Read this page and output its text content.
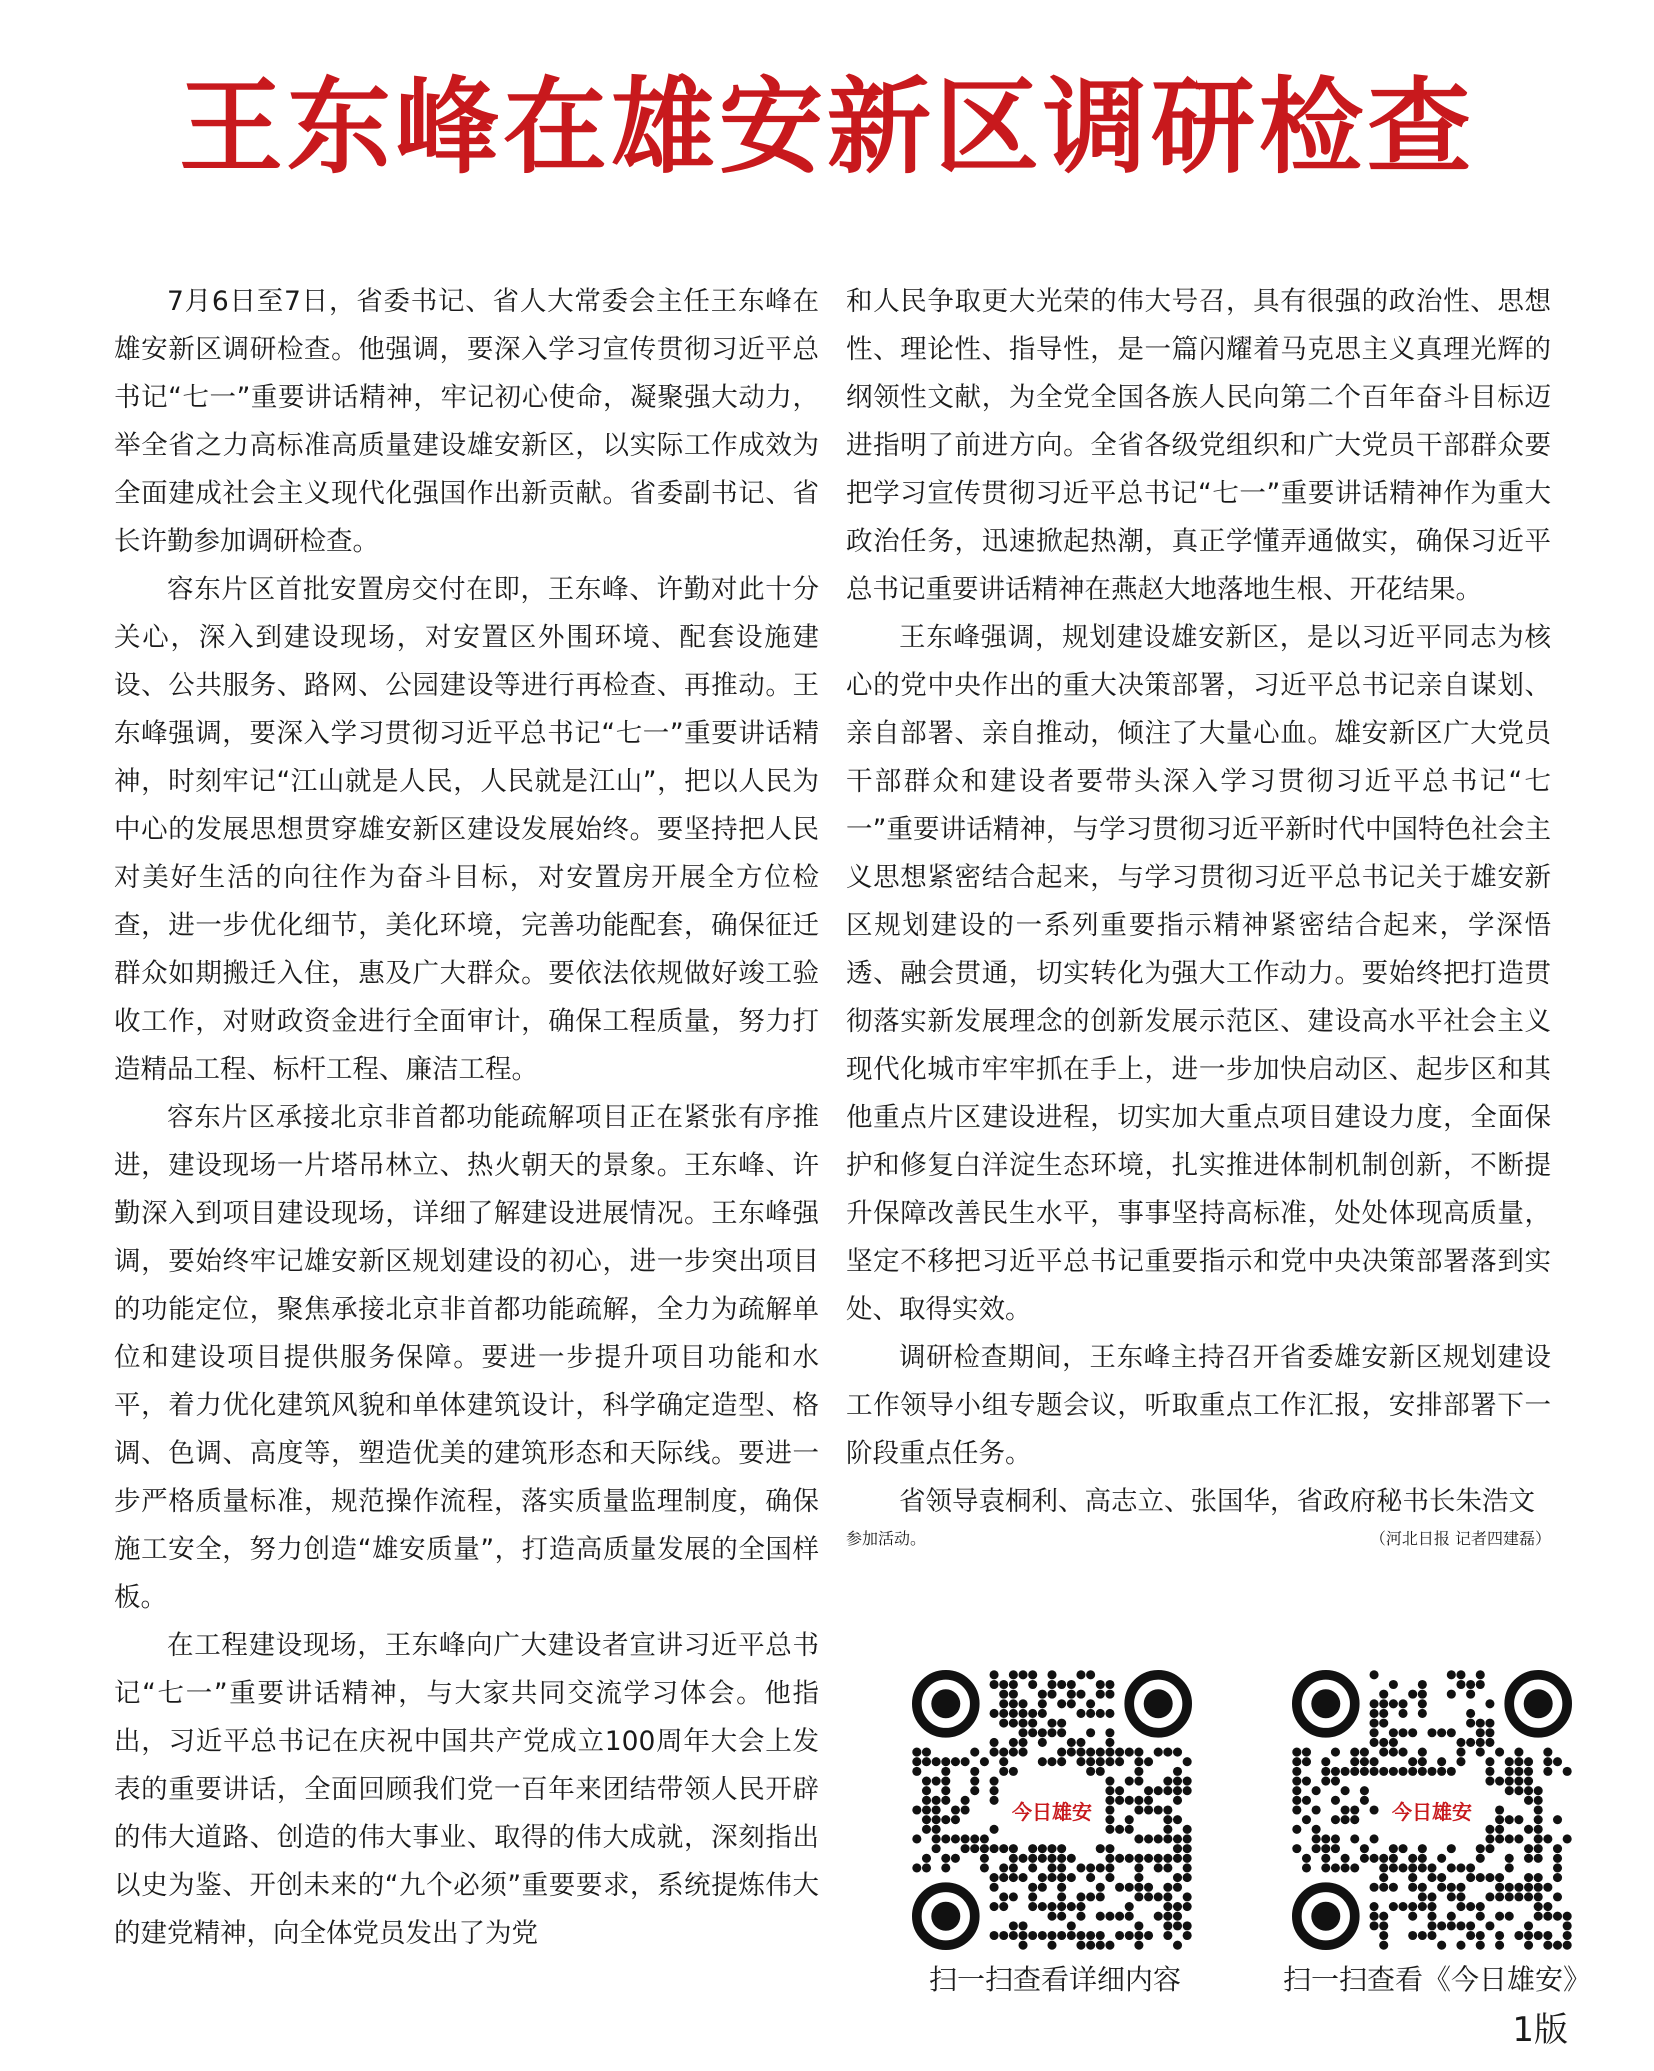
王东峰在雄安新区调研检查

7月6日至7日，省委书记、省人大常委会主任王东峰在雄安新区调研检查。他强调，要深入学习宣传贯彻习近平总书记“七一”重要讲话精神，牢记初心使命，凝聚强大动力，举全省之力高标准高质量建设雄安新区，以实际工作成效为全面建成社会主义现代化强国作出新贡献。省委副书记、省长许勤参加调研检查。

容东片区首批安置房交付在即，王东峰、许勤对此十分关心，深入到建设现场，对安置区外围环境、配套设施建设、公共服务、路网、公园建设等进行再检查、再推动。王东峰强调，要深入学习贯彻习近平总书记“七一”重要讲话精神，时刻牢记“江山就是人民，人民就是江山”，把以人民为中心的发展思想贯穿雄安新区建设发展始终。要坚持把人民对美好生活的向往作为奋斗目标，对安置房开展全方位检查，进一步优化细节，美化环境，完善功能配套，确保征迁群众如期搬迁入住，惠及广大群众。要依法依规做好竣工验收工作，对财政资金进行全面审计，确保工程质量，努力打造精品工程、标杆工程、廉洁工程。

容东片区承接北京非首都功能疏解项目正在紧张有序推进，建设现场一片塔吊林立、热火朝天的景象。王东峰、许勤深入到项目建设现场，详细了解建设进展情况。王东峰强调，要始终牢记雄安新区规划建设的初心，进一步突出项目的功能定位，聚焦承接北京非首都功能疏解，全力为疏解单位和建设项目提供服务保障。要进一步提升项目功能和水平，着力优化建筑风貌和单体建筑设计，科学确定造型、格调、色调、高度等，塑造优美的建筑形态和天际线。要进一步严格质量标准，规范操作流程，落实质量监理制度，确保施工安全，努力创造“雄安质量”，打造高质量发展的全国样板。

在工程建设现场，王东峰向广大建设者宣讲习近平总书记“七一”重要讲话精神，与大家共同交流学习体会。他指出，习近平总书记在庆祝中国共产党成立100周年大会上发表的重要讲话，全面回顾我们党一百年来团结带领人民开辟的伟大道路、创造的伟大事业、取得的伟大成就，深刻指出以史为鉴、开创未来的“九个必须”重要要求，系统提炼伟大的建党精神，向全体党员发出了为党

和人民争取更大光荣的伟大号召，具有很强的政治性、思想性、理论性、指导性，是一篇闪耀着马克思主义真理光辉的纲领性文献，为全党全国各族人民向第二个百年奋斗目标迈进指明了前进方向。全省各级党组织和广大党员干部群众要把学习宣传贯彻习近平总书记“七一”重要讲话精神作为重大政治任务，迅速掀起热潮，真正学懂弄通做实，确保习近平总书记重要讲话精神在燕赵大地落地生根、开花结果。

王东峰强调，规划建设雄安新区，是以习近平同志为核心的党中央作出的重大决策部署，习近平总书记亲自谋划、亲自部署、亲自推动，倾注了大量心血。雄安新区广大党员干部群众和建设者要带头深入学习贯彻习近平总书记“七一”重要讲话精神，与学习贯彻习近平新时代中国特色社会主义思想紧密结合起来，与学习贯彻习近平总书记关于雄安新区规划建设的一系列重要指示精神紧密结合起来，学深悟透、融会贯通，切实转化为强大工作动力。要始终把打造贯彻落实新发展理念的创新发展示范区、建设高水平社会主义现代化城市牢牢抓在手上，进一步加快启动区、起步区和其他重点片区建设进程，切实加大重点项目建设力度，全面保护和修复白洋淀生态环境，扎实推进体制机制创新，不断提升保障改善民生水平，事事坚持高标准，处处体现高质量，坚定不移把习近平总书记重要指示和党中央决策部署落到实处、取得实效。

调研检查期间，王东峰主持召开省委雄安新区规划建设工作领导小组专题会议，听取重点工作汇报，安排部署下一阶段重点任务。

省领导袁桐利、高志立、张国华，省政府秘书长朱浩文

参加活动。	（河北日报 记者四建磊）
今日雄安	今日雄安
扫一扫查看详细内容	扫一扫查看《今日雄安》
1版
